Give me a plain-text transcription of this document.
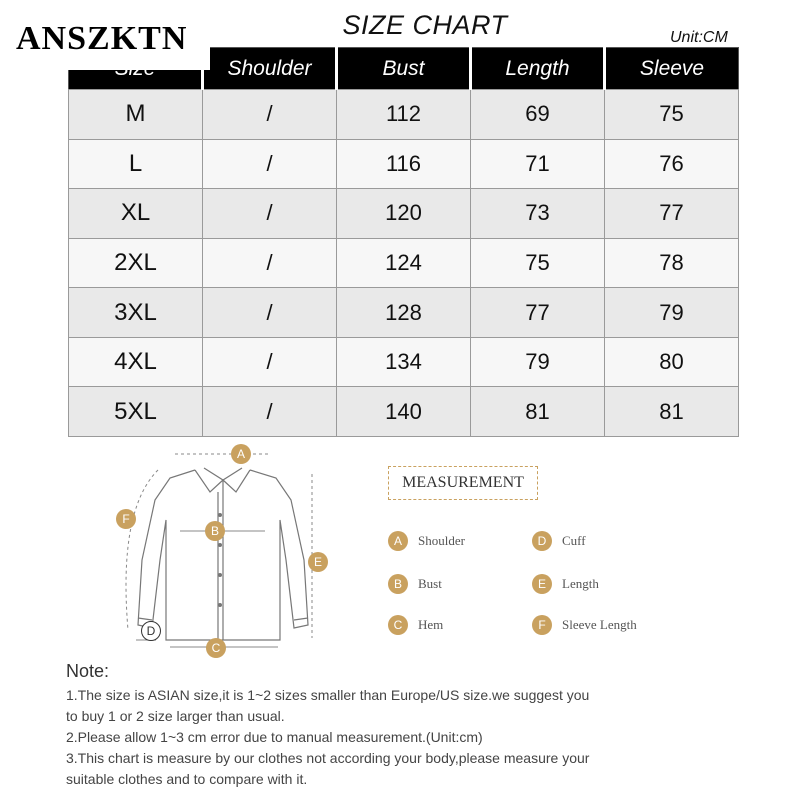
SIZE CHART	Unit:CM
	Shoulder	Bust	Length	Sleeve
M	/	112	69	75
L	/	116	71	76
XL	/	120	73	77
2XL	/	124	75	78
3XL	/	128	77	79
4XL	/	134	79	80
5XL	/	140	81	81
ANSZKTN
A
B
C
D
E
F
MEASUREMENT
A	Shoulder
B	Bust
C	Hem
D	Cuff
E	Length
F	Sleeve Length
Note:
1.The size is ASIAN size,it is 1~2 sizes smaller than Europe/US size.we suggest you
to buy 1 or 2 size larger than usual.
2.Please allow 1~3 cm error due to manual measurement.(Unit:cm)
3.This chart is measure by our clothes not according your body,please measure your
suitable clothes and to compare with it.
